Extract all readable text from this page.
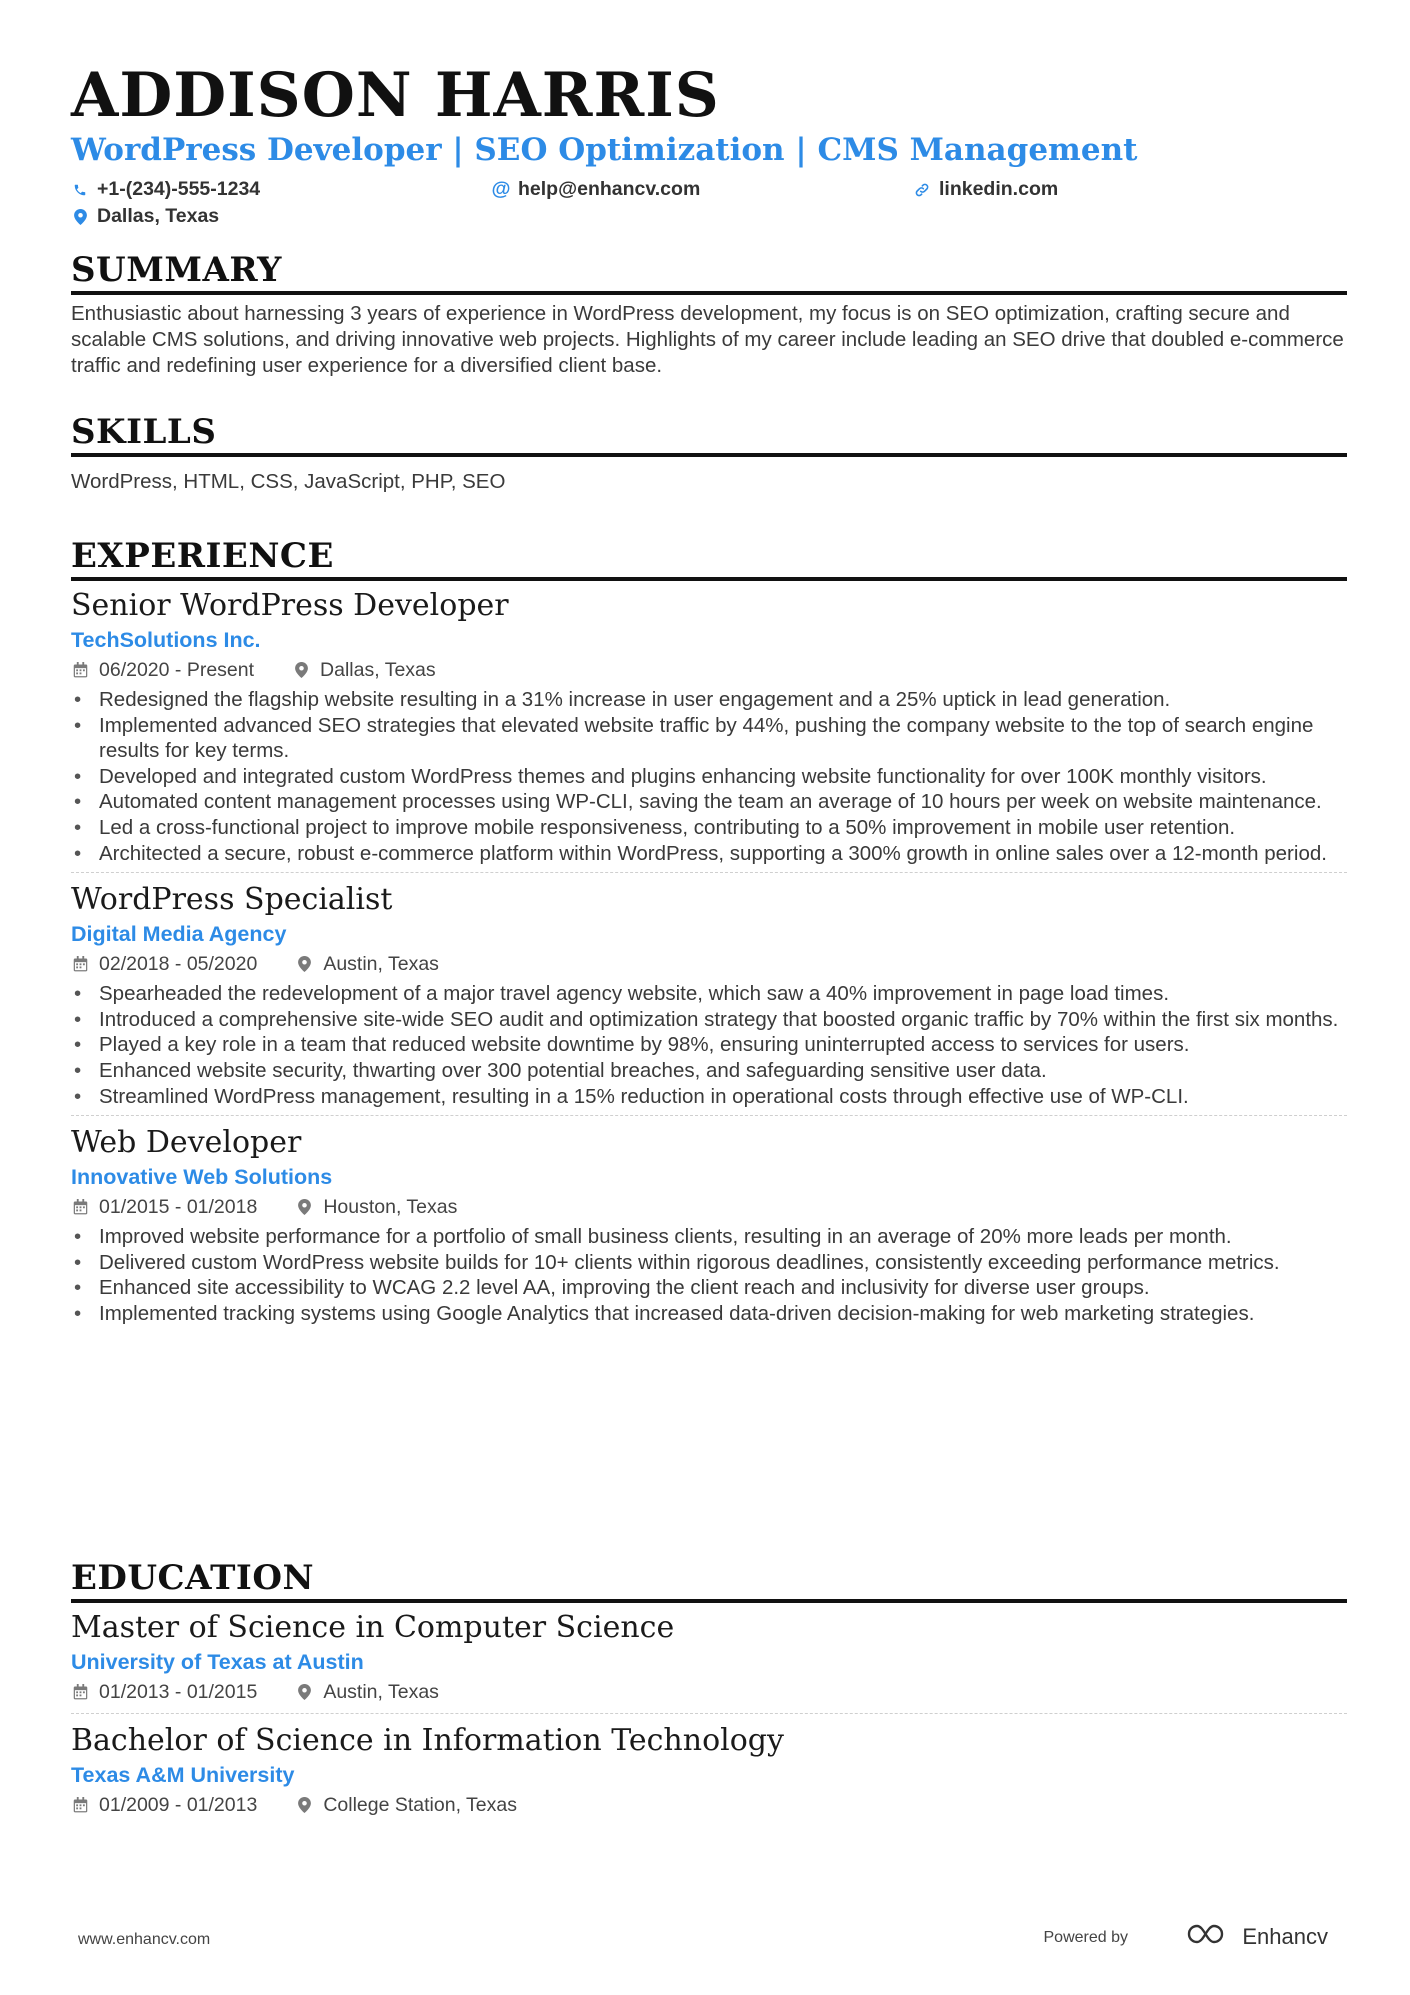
ADDISON HARRIS
WordPress Developer | SEO Optimization | CMS Management
+1-(234)-555-1234	@ help@enhancv.com	linkedin.com
Dallas, Texas
SUMMARY
Enthusiastic about harnessing 3 years of experience in WordPress development, my focus is on SEO optimization, crafting secure and scalable CMS solutions, and driving innovative web projects. Highlights of my career include leading an SEO drive that doubled e-commerce traffic and redefining user experience for a diversified client base.
SKILLS
WordPress, HTML, CSS, JavaScript, PHP, SEO
EXPERIENCE
Senior WordPress Developer
TechSolutions Inc.
06/2020 - Present	Dallas, Texas
• Redesigned the flagship website resulting in a 31% increase in user engagement and a 25% uptick in lead generation.
• Implemented advanced SEO strategies that elevated website traffic by 44%, pushing the company website to the top of search engine results for key terms.
• Developed and integrated custom WordPress themes and plugins enhancing website functionality for over 100K monthly visitors.
• Automated content management processes using WP-CLI, saving the team an average of 10 hours per week on website maintenance.
• Led a cross-functional project to improve mobile responsiveness, contributing to a 50% improvement in mobile user retention.
• Architected a secure, robust e-commerce platform within WordPress, supporting a 300% growth in online sales over a 12-month period.
WordPress Specialist
Digital Media Agency
02/2018 - 05/2020	Austin, Texas
• Spearheaded the redevelopment of a major travel agency website, which saw a 40% improvement in page load times.
• Introduced a comprehensive site-wide SEO audit and optimization strategy that boosted organic traffic by 70% within the first six months.
• Played a key role in a team that reduced website downtime by 98%, ensuring uninterrupted access to services for users.
• Enhanced website security, thwarting over 300 potential breaches, and safeguarding sensitive user data.
• Streamlined WordPress management, resulting in a 15% reduction in operational costs through effective use of WP-CLI.
Web Developer
Innovative Web Solutions
01/2015 - 01/2018	Houston, Texas
• Improved website performance for a portfolio of small business clients, resulting in an average of 20% more leads per month.
• Delivered custom WordPress website builds for 10+ clients within rigorous deadlines, consistently exceeding performance metrics.
• Enhanced site accessibility to WCAG 2.2 level AA, improving the client reach and inclusivity for diverse user groups.
• Implemented tracking systems using Google Analytics that increased data-driven decision-making for web marketing strategies.
EDUCATION
Master of Science in Computer Science
University of Texas at Austin
01/2013 - 01/2015	Austin, Texas
Bachelor of Science in Information Technology
Texas A&M University
01/2009 - 01/2013	College Station, Texas
www.enhancv.com	Powered by	Enhancv
